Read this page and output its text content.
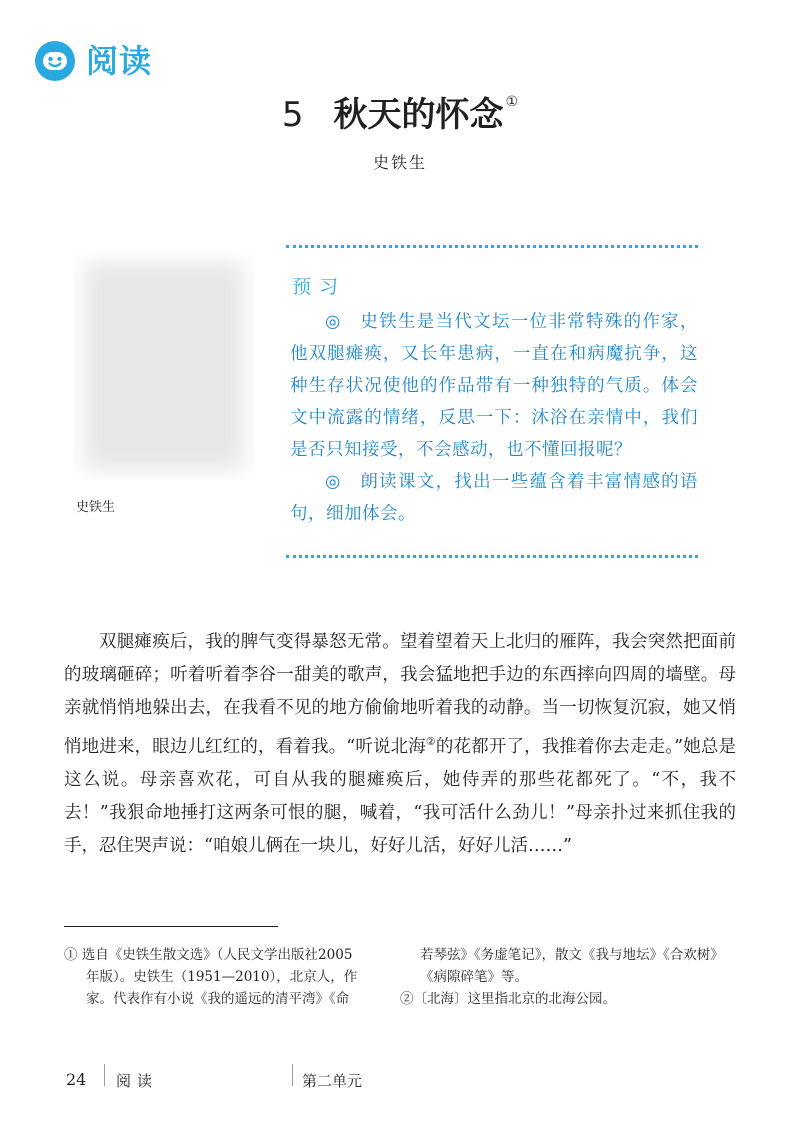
阅读
5 秋天的怀念 ①
史铁生
史铁生
预习
◎　史铁生是当代文坛一位非常特殊的作家，他双腿瘫痪，又长年患病，一直在和病魔抗争，这种生存状况使他的作品带有一种独特的气质。体会文中流露的情绪，反思一下：沐浴在亲情中，我们是否只知接受，不会感动，也不懂回报呢？
◎　朗读课文，找出一些蕴含着丰富情感的语句，细加体会。
双腿瘫痪后，我的脾气变得暴怒无常。望着望着天上北归的雁阵，我会突然把面前的玻璃砸碎；听着听着李谷一甜美的歌声，我会猛地把手边的东西摔向四周的墙壁。母亲就悄悄地躲出去，在我看不见的地方偷偷地听着我的动静。当一切恢复沉寂，她又悄悄地进来，眼边儿红红的，看着我。“听说北海②的花都开了，我推着你去走走。”她总是这么说。母亲喜欢花，可自从我的腿瘫痪后，她侍弄的那些花都死了。“不，我不去！”我狠命地捶打这两条可恨的腿，喊着，“我可活什么劲儿！”母亲扑过来抓住我的手，忍住哭声说：“咱娘儿俩在一块儿，好好儿活，好好儿活……”
① 选自《史铁生散文选》（人民文学出版社2005
年版）。史铁生（1951—2010），北京人，作家。代表作有小说《我的遥远的清平湾》《命
若琴弦》《务虚笔记》，散文《我与地坛》《合欢树》《病隙碎笔》等。
②〔北海〕这里指北京的北海公园。
24 阅读	第二单元
